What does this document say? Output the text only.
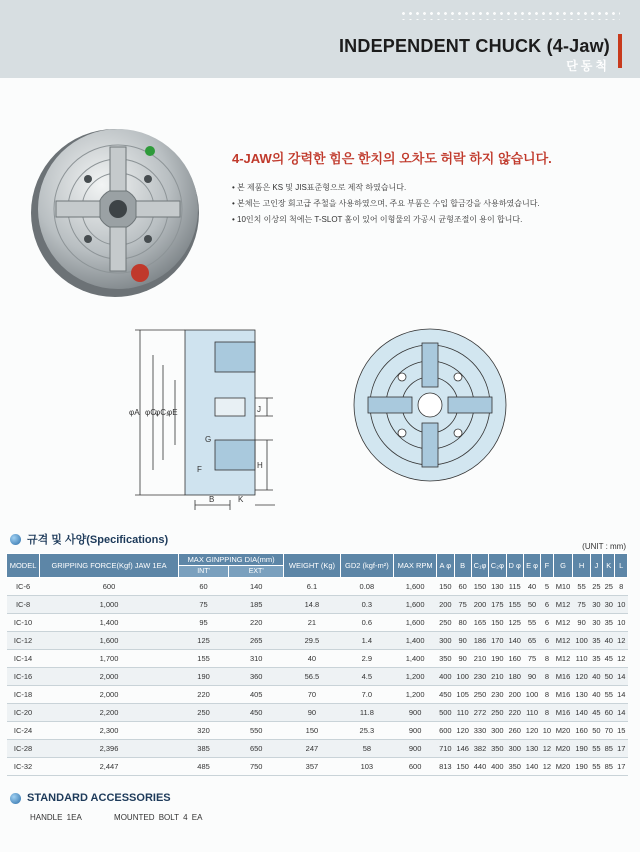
INDEPENDENT CHUCK (4-Jaw)
단동척
4-JAW의 강력한 힘은 한치의 오차도 허락 하지 않습니다.
• 본 제품은 KS 및 JIS표준형으로 제작 하였습니다.
• 본체는 고인장 회고급 주철을 사용하였으며, 주요 부품은 수입 합금강을 사용하였습니다.
• 10인치 이상의 척에는 T-SLOT 홈이 있어 이형물의 가공시 균형조절이 용이 합니다.
φA φC₁
φC₂
φE	J
H
B	K
G
F
규격 및 사양(Specifications)
(UNIT : mm)
MODEL	GRIPPING FORCE(Kgf) JAW 1EA	MAX GINPPING DIA(mm)		WEIGHT (Kg)	GD2 (kgf-m²)	MAX RPM	A φ	B	C₁φ	C₂φ	D φ	E φ	F	G	H	J	K	L
		INT'	EXT'															
IC-6	600	60	140	6.1	0.08	1,600	150	60	150	130	115	40	5	M10	55	25	25	8
IC-8	1,000	75	185	14.8	0.3	1,600	200	75	200	175	155	50	6	M12	75	30	30	10
IC-10	1,400	95	220	21	0.6	1,600	250	80	165	150	125	55	6	M12	90	30	35	10
IC-12	1,600	125	265	29.5	1.4	1,400	300	90	186	170	140	65	6	M12	100	35	40	12
IC-14	1,700	155	310	40	2.9	1,400	350	90	210	190	160	75	8	M12	110	35	45	12
IC-16	2,000	190	360	56.5	4.5	1,200	400	100	230	210	180	90	8	M16	120	40	50	14
IC-18	2,000	220	405	70	7.0	1,200	450	105	250	230	200	100	8	M16	130	40	55	14
IC-20	2,200	250	450	90	11.8	900	500	110	272	250	220	110	8	M16	140	45	60	14
IC-24	2,300	320	550	150	25.3	900	600	120	330	300	260	120	10	M20	160	50	70	15
IC-28	2,396	385	650	247	58	900	710	146	382	350	300	130	12	M20	190	55	85	17
IC-32	2,447	485	750	357	103	600	813	150	440	400	350	140	12	M20	190	55	85	17
STANDARD ACCESSORIES
HANDLE 1EA	MOUNTED BOLT 4 EA
